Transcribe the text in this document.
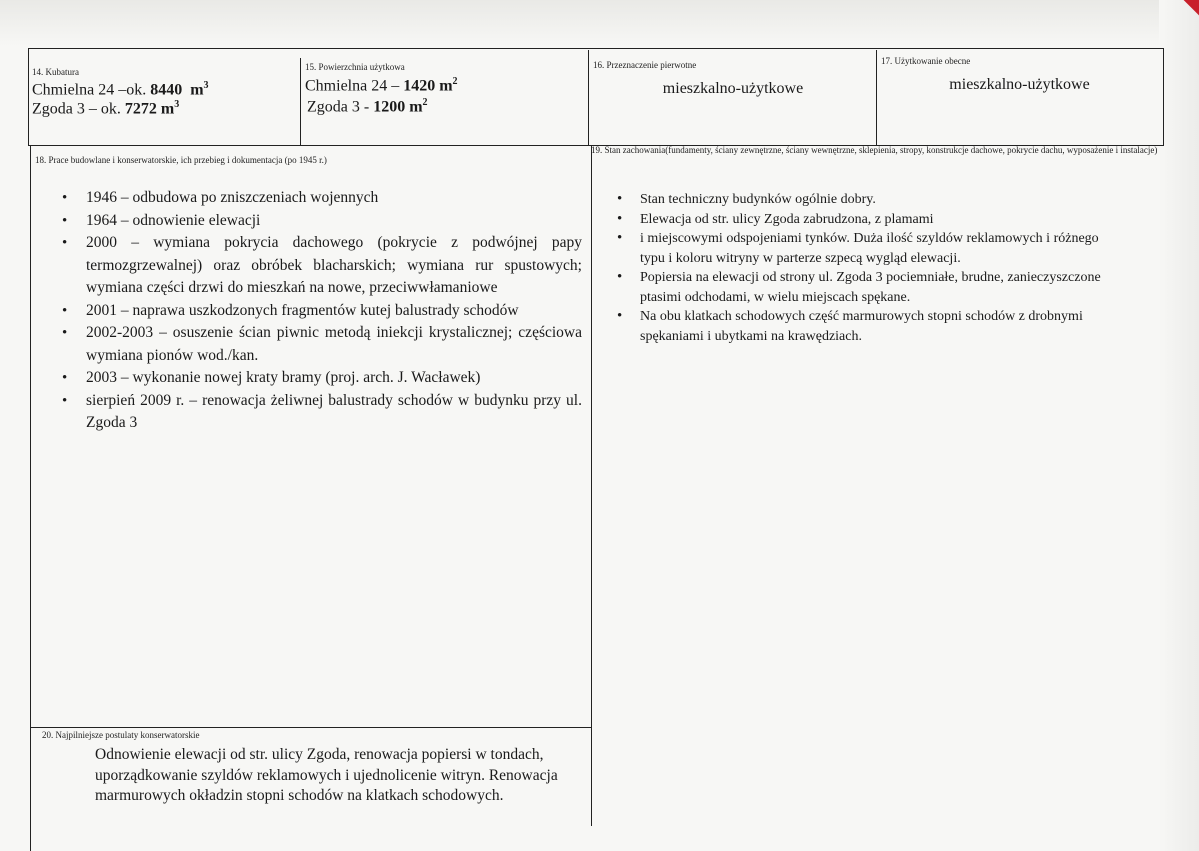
14. Kubatura
Chmielna 24 –ok. 8440 $m^3$
Zgoda 3 – ok. 7272 $m^3$
15. Powierzchnia użytkowa
Chmielna 24 – 1420 $m^2$
Zgoda 3 - 1200 $m^2$
16. Przeznaczenie pierwotne
mieszkalno-użytkowe
17. Użytkowanie obecne
mieszkalno-użytkowe
18. Prace budowlane i konserwatorskie, ich przebieg i dokumentacja (po 1945 r.)
• 1946 – odbudowa po zniszczeniach wojennych
• 1964 – odnowienie elewacji
• 2000 – wymiana pokrycia dachowego (pokrycie z podwójnej papy termozgrzewalnej) oraz obróbek blacharskich; wymiana rur spustowych; wymiana części drzwi do mieszkań na nowe, przeciwwłamaniowe
• 2001 – naprawa uszkodzonych fragmentów kutej balustrady schodów
• 2002-2003 – osuszenie ścian piwnic metodą iniekcji krystalicznej; częściowa wymiana pionów wod./kan.
• 2003 – wykonanie nowej kraty bramy (proj. arch. J. Wacławek)
• sierpień 2009 r. – renowacja żeliwnej balustrady schodów w budynku przy ul. Zgoda 3
19. Stan zachowania(fundamenty, ściany zewnętrzne, ściany wewnętrzne, sklepienia, stropy, konstrukcje dachowe, pokrycie dachu, wyposażenie i instalacje)
• Stan techniczny budynków ogólnie dobry.
• Elewacja od str. ulicy Zgoda zabrudzona, z plamami
• i miejscowymi odspojeniami tynków. Duża ilość szyldów reklamowych i różnego typu i koloru witryny w parterze szpecą wygląd elewacji.
• Popiersia na elewacji od strony ul. Zgoda 3 pociemniałe, brudne, zanieczyszczone ptasimi odchodami, w wielu miejscach spękane.
• Na obu klatkach schodowych część marmurowych stopni schodów z drobnymi spękaniami i ubytkami na krawędziach.
20. Najpilniejsze postulaty konserwatorskie
Odnowienie elewacji od str. ulicy Zgoda, renowacja popiersi w tondach, uporządkowanie szyldów reklamowych i ujednolicenie witryn. Renowacja marmurowych okładzin stopni schodów na klatkach schodowych.
